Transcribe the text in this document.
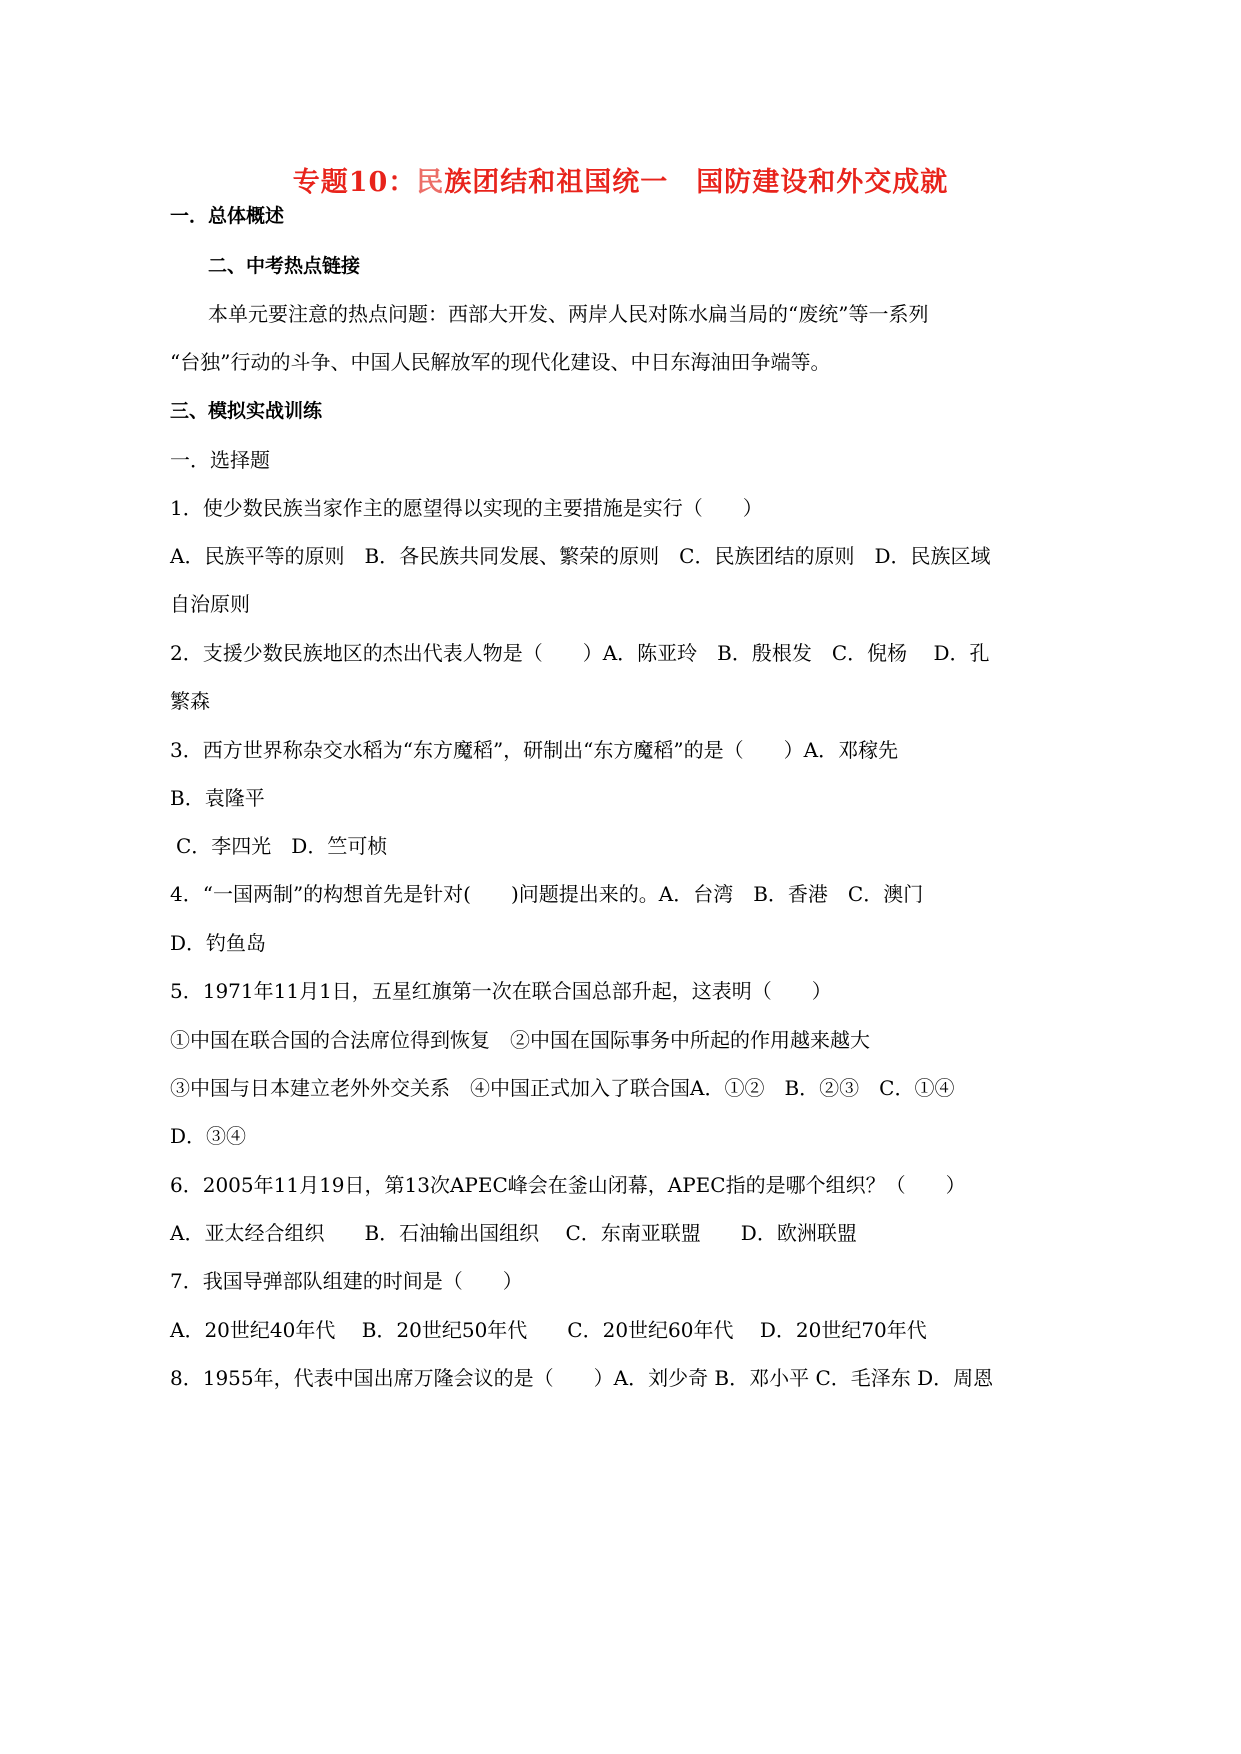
专题10：民族团结和祖国统一　国防建设和外交成就
一．总体概述
二、中考热点链接
本单元要注意的热点问题：西部大开发、两岸人民对陈水扁当局的“废统”等一系列
“台独”行动的斗争、中国人民解放军的现代化建设、中日东海油田争端等。
三、模拟实战训练
一．选择题
1．使少数民族当家作主的愿望得以实现的主要措施是实行（　　）
A．民族平等的原则　B．各民族共同发展、繁荣的原则　C．民族团结的原则　D．民族区域
自治原则
2．支援少数民族地区的杰出代表人物是（　　）A．陈亚玲　B．殷根发　C．倪杨　 D．孔
繁森
3．西方世界称杂交水稻为“东方魔稻”，研制出“东方魔稻”的是（　　）A．邓稼先
B．袁隆平
C．李四光　D．竺可桢
4．“一国两制”的构想首先是针对(　　)问题提出来的。A．台湾　B．香港　C．澳门
D．钓鱼岛
5．1971年11月1日，五星红旗第一次在联合国总部升起，这表明（　　）
①中国在联合国的合法席位得到恢复　②中国在国际事务中所起的作用越来越大
③中国与日本建立老外外交关系　④中国正式加入了联合国A．①②　B．②③　C．①④
D．③④
6．2005年11月19日，第13次APEC峰会在釜山闭幕，APEC指的是哪个组织？（　　）
A．亚太经合组织　　B．石油输出国组织　 C．东南亚联盟　　D．欧洲联盟
7．我国导弹部队组建的时间是（　　）
A．20世纪40年代　 B．20世纪50年代　　C．20世纪60年代　 D．20世纪70年代
8．1955年，代表中国出席万隆会议的是（　　）A．刘少奇 B．邓小平 C．毛泽东 D．周恩
